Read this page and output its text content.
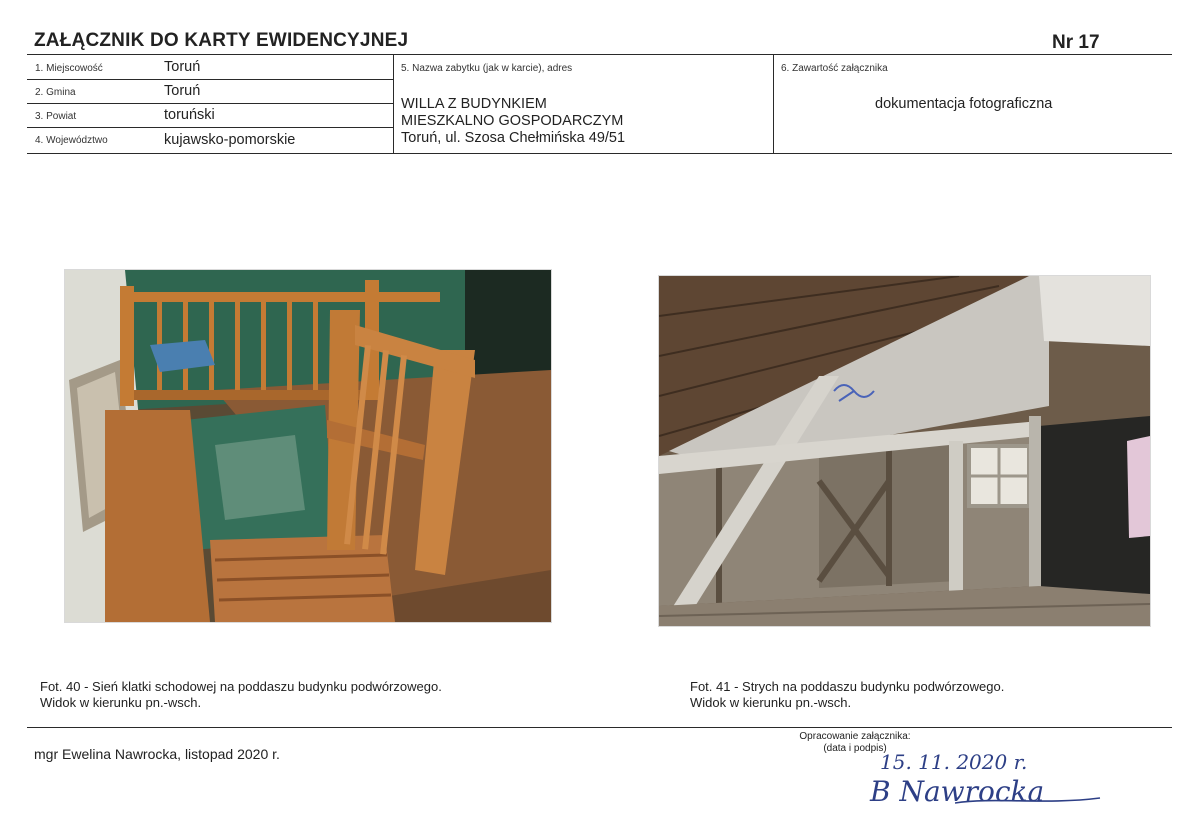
ZAŁĄCZNIK DO KARTY EWIDENCYJNEJ	Nr 17
1. Miejscowość	Toruń
2. Gmina	Toruń
3. Powiat	toruński
4. Województwo	kujawsko-pomorskie
5. Nazwa zabytku (jak w karcie), adres
WILLA Z BUDYNKIEM
MIESZKALNO GOSPODARCZYM
Toruń, ul. Szosa Chełmińska 49/51
6. Zawartość załącznika
dokumentacja fotograficzna
Fot. 40 - Sień klatki schodowej na poddaszu budynku podwórzowego.
Widok w kierunku pn.-wsch.
Fot. 41 - Strych na poddaszu budynku podwórzowego.
Widok w kierunku pn.-wsch.
mgr Ewelina Nawrocka, listopad 2020 r.
Opracowanie załącznika:
(data i podpis)
15. 11. 2020 r.
B Nawrocka
